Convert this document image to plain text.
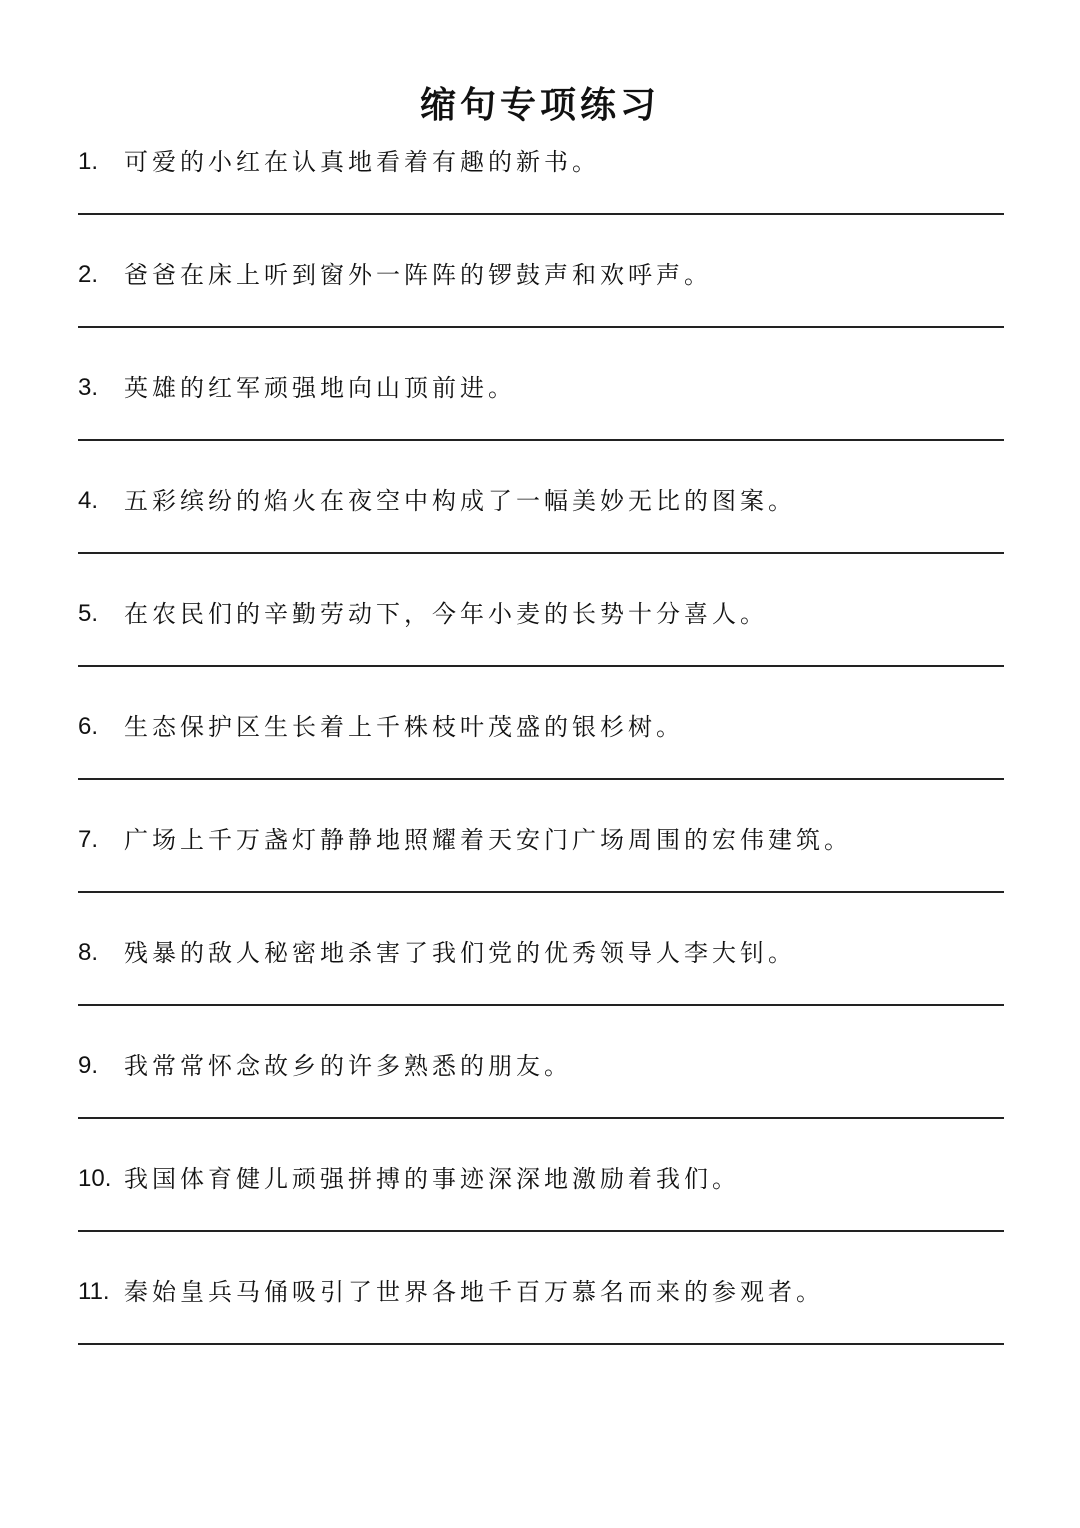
缩句专项练习
1.	可爱的小红在认真地看着有趣的新书。
2.	爸爸在床上听到窗外一阵阵的锣鼓声和欢呼声。
3.	英雄的红军顽强地向山顶前进。
4.	五彩缤纷的焰火在夜空中构成了一幅美妙无比的图案。
5.	在农民们的辛勤劳动下，今年小麦的长势十分喜人。
6.	生态保护区生长着上千株枝叶茂盛的银杉树。
7.	广场上千万盏灯静静地照耀着天安门广场周围的宏伟建筑。
8.	残暴的敌人秘密地杀害了我们党的优秀领导人李大钊。
9.	我常常怀念故乡的许多熟悉的朋友。
10. 我国体育健儿顽强拼搏的事迹深深地激励着我们。
11. 秦始皇兵马俑吸引了世界各地千百万慕名而来的参观者。
